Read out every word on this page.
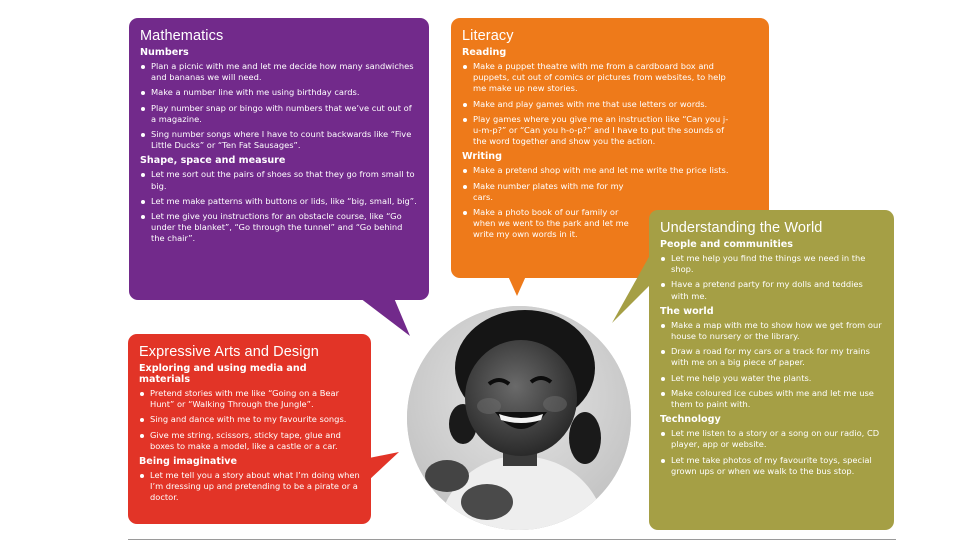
Mathematics
Numbers
Plan a picnic with me and let me decide how many sandwiches and bananas we will need.
Make a number line with me using birthday cards.
Play number snap or bingo with numbers that we’ve cut out of a magazine.
Sing number songs where I have to count backwards like “Five Little Ducks” or “Ten Fat Sausages”.
Shape, space and measure
Let me sort out the pairs of shoes so that they go from small to big.
Let me make patterns with buttons or lids, like “big, small, big”.
Let me give you instructions for an obstacle course, like “Go under the blanket”, “Go through the tunnel” and “Go behind the chair”.
Literacy
Reading
Make a puppet theatre with me from a cardboard box and puppets, cut out of comics or pictures from websites, to help me make up new stories.
Make and play games with me that use letters or words.
Play games where you give me an instruction like “Can you j-u-m-p?” or “Can you h-o-p?” and I have to put the sounds of the word together and show you the action.
Writing
Make a pretend shop with me and let me write the price lists.
Make number plates with me for my cars.
Make a photo book of our family or when we went to the park and let me write my own words in it.
Expressive Arts and Design
Exploring and using media and materials
Pretend stories with me like “Going on a Bear Hunt” or “Walking Through the Jungle”.
Sing and dance with me to my favourite songs.
Give me string, scissors, sticky tape, glue and boxes to make a model, like a castle or a car.
Being imaginative
Let me tell you a story about what I’m doing when I’m dressing up and pretending to be a pirate or a doctor.
Understanding the World
People and communities
Let me help you find the things we need in the shop.
Have a pretend party for my dolls and teddies with me.
The world
Make a map with me to show how we get from our house to nursery or the library.
Draw a road for my cars or a track for my trains with me on a big piece of paper.
Let me help you water the plants.
Make coloured ice cubes with me and let me use them to paint with.
Technology
Let me listen to a story or a song on our radio, CD player, app or website.
Let me take photos of my favourite toys, special grown ups or when we walk to the bus stop.
